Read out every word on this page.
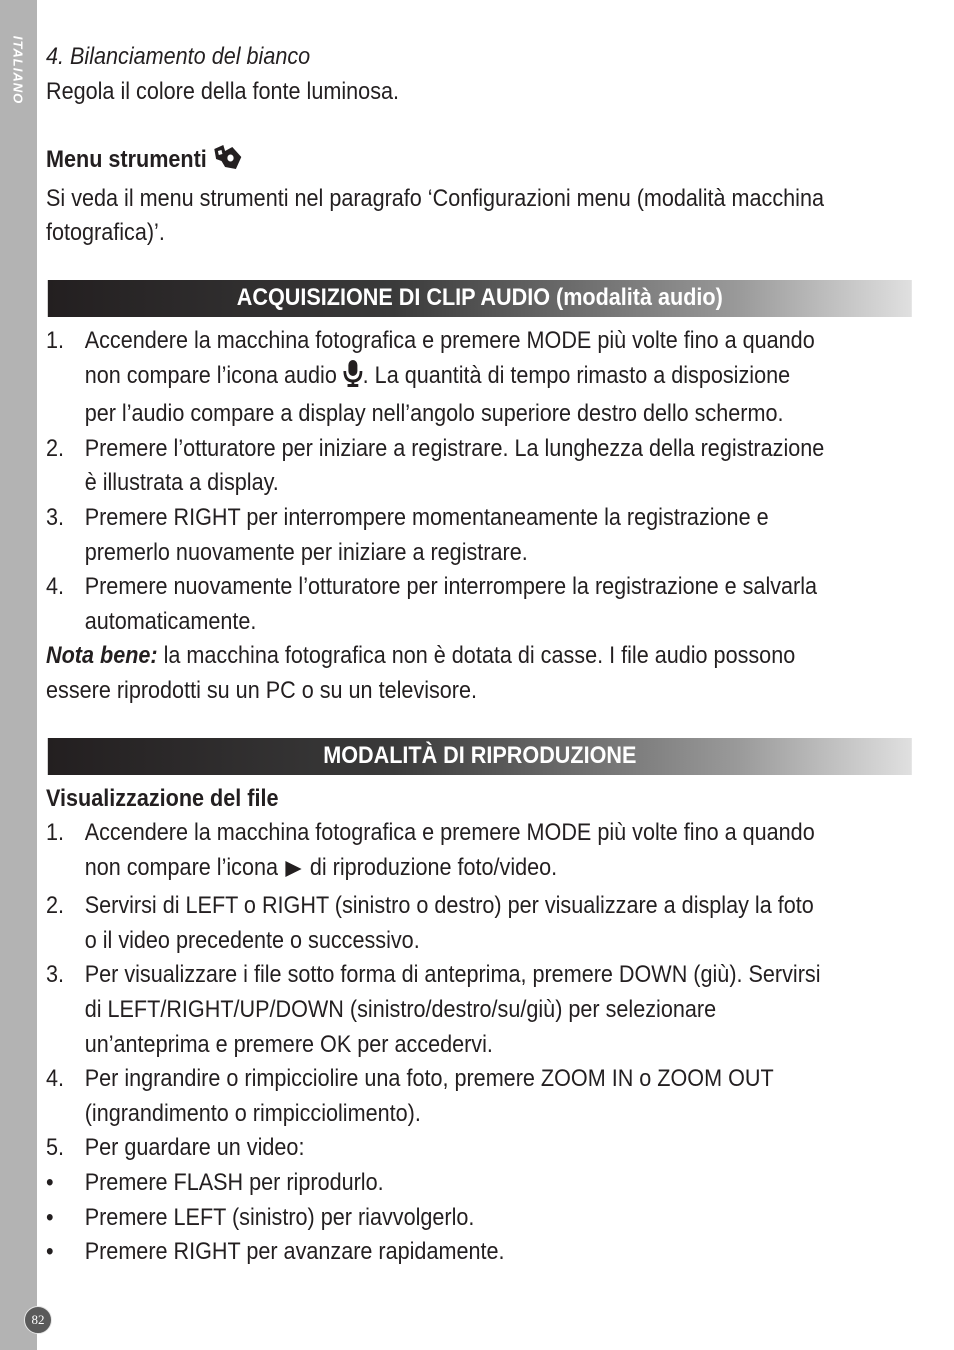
ITALIANO
82

4. Bilanciamento del bianco

Regola il colore della fonte luminosa.

Menu strumenti

Si veda il menu strumenti nel paragrafo ‘Configurazioni menu (modalità macchina fotografica)’.

ACQUISIZIONE DI CLIP AUDIO
(modalità audio)
1. Accendere la macchina fotografica e premere MODE più volte fino a quando non compare l’icona audio . La quantità di tempo rimasto a disposizione per l’audio compare a display nell’angolo superiore destro dello schermo.
2. Premere l’otturatore per iniziare a registrare. La lunghezza della registrazione è illustrata a display.
3. Premere RIGHT per interrompere momentaneamente la registrazione e premerlo nuovamente per iniziare a registrare.
4. Premere nuovamente l’otturatore per interrompere la registrazione e salvarla automaticamente.

Nota bene: la macchina fotografica non è dotata di casse. I file audio possono essere riprodotti su un PC o su un televisore.

MODALITÀ DI RIPRODUZIONE

Visualizzazione del file

1. Accendere la macchina fotografica e premere MODE più volte fino a quando non compare l’icona di riproduzione foto/video.
2. Servirsi di LEFT o RIGHT (sinistro o destro) per visualizzare a display la foto o il video precedente o successivo.
3. Per visualizzare i file sotto forma di anteprima, premere DOWN (giù). Servirsi di LEFT/RIGHT/UP/DOWN (sinistro/destro/su/giù) per selezionare un’anteprima e premere OK per accedervi.
4. Per ingrandire o rimpicciolire una foto, premere ZOOM IN o ZOOM OUT (ingrandimento o rimpicciolimento).
5. Per guardare un video:
• Premere FLASH per riprodurlo.
• Premere LEFT (sinistro) per riavvolgerlo.
• Premere RIGHT per avanzare rapidamente.
